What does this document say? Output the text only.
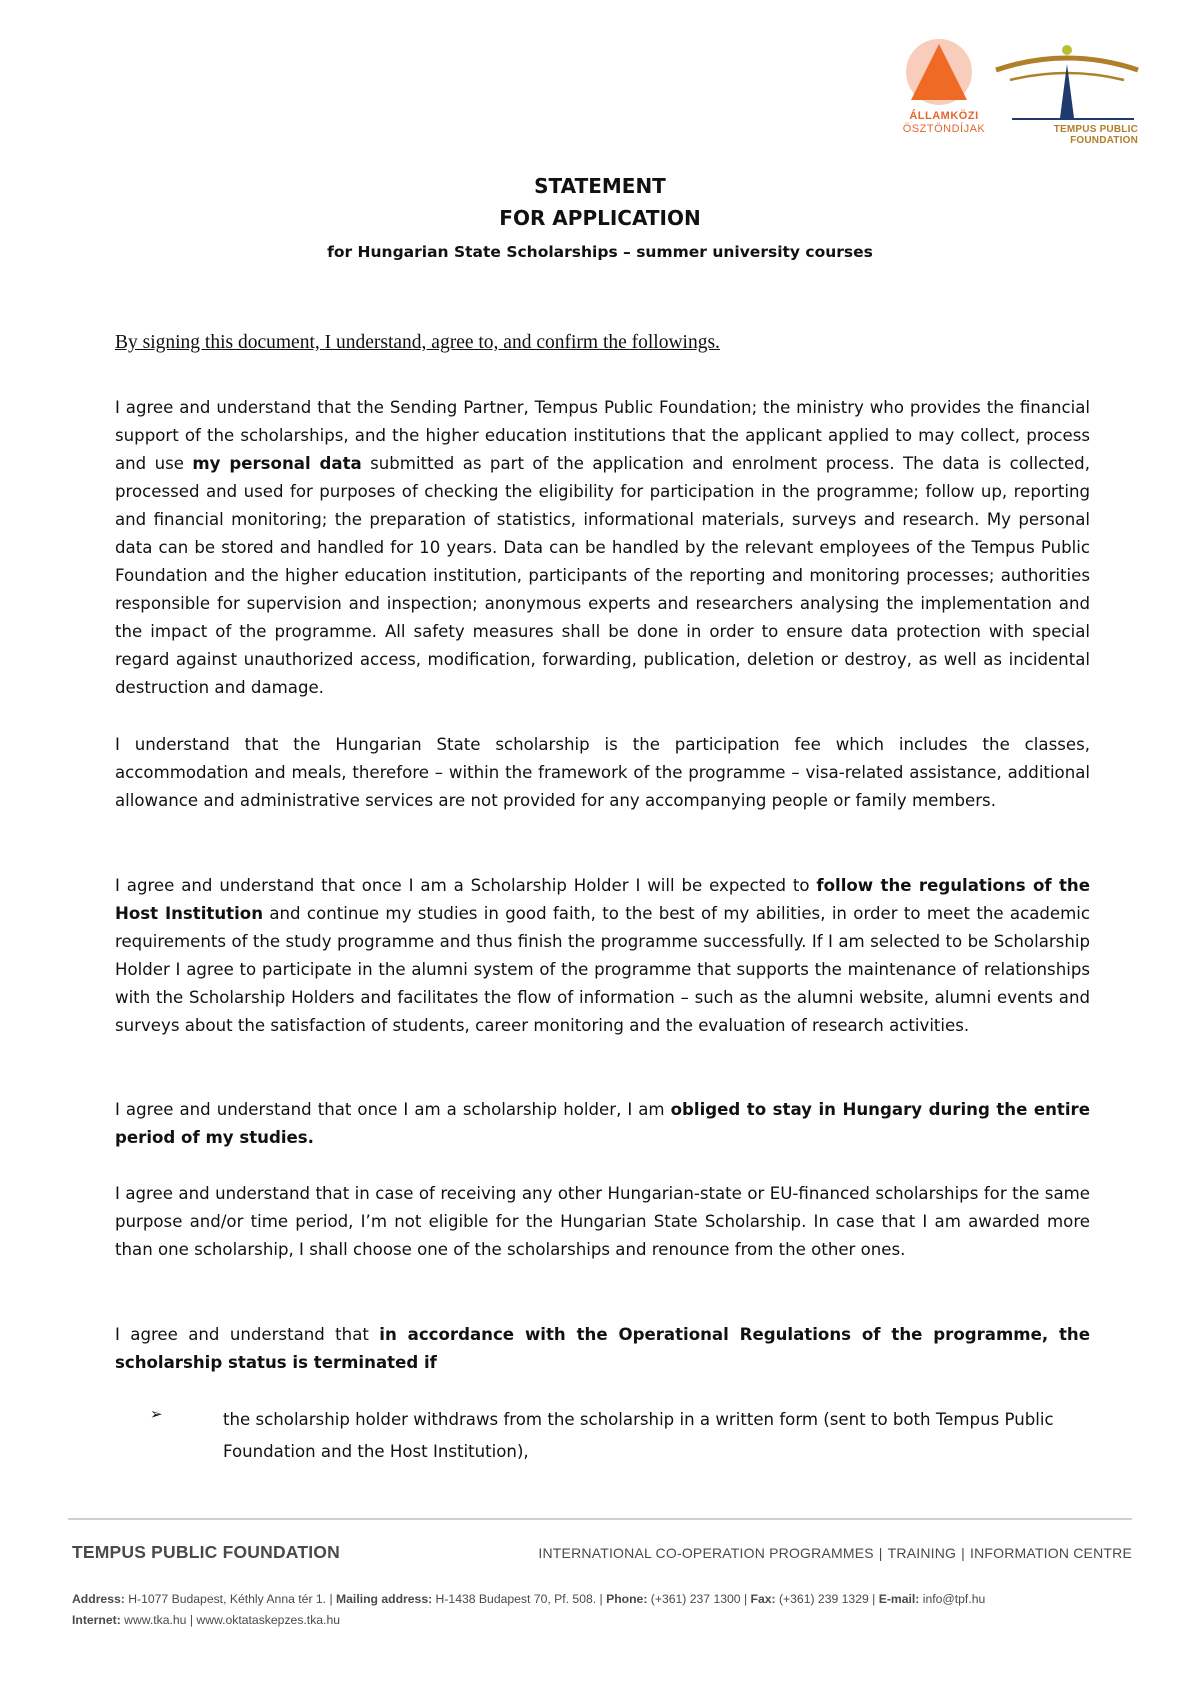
ÁLLAMKÖZI
ÖSZTÖNDÍJAK	TEMPUS PUBLIC FOUNDATION
STATEMENT
FOR APPLICATION
for Hungarian State Scholarships – summer university courses
By signing this document, I understand, agree to, and confirm the followings.

I agree and understand that the Sending Partner, Tempus Public Foundation; the ministry who provides the financial support of the scholarships, and the higher education institutions that the applicant applied to may collect, process and use my personal data submitted as part of the application and enrolment process. The data is collected, processed and used for purposes of checking the eligibility for participation in the programme; follow up, reporting and financial monitoring; the preparation of statistics, informational materials, surveys and research. My personal data can be stored and handled for 10 years. Data can be handled by the relevant employees of the Tempus Public Foundation and the higher education institution, participants of the reporting and monitoring processes; authorities responsible for supervision and inspection; anonymous experts and researchers analysing the implementation and the impact of the programme. All safety measures shall be done in order to ensure data protection with special regard against unauthorized access, modification, forwarding, publication, deletion or destroy, as well as incidental destruction and damage.

I understand that the Hungarian State scholarship is the participation fee which includes the classes, accommodation and meals, therefore – within the framework of the programme – visa-related assistance, additional allowance and administrative services are not provided for any accompanying people or family members.

I agree and understand that once I am a Scholarship Holder I will be expected to follow the regulations of the Host Institution and continue my studies in good faith, to the best of my abilities, in order to meet the academic requirements of the study programme and thus finish the programme successfully. If I am selected to be Scholarship Holder I agree to participate in the alumni system of the programme that supports the maintenance of relationships with the Scholarship Holders and facilitates the flow of information – such as the alumni website, alumni events and surveys about the satisfaction of students, career monitoring and the evaluation of research activities.

I agree and understand that once I am a scholarship holder, I am obliged to stay in Hungary during the entire period of my studies.

I agree and understand that in case of receiving any other Hungarian-state or EU-financed scholarships for the same purpose and/or time period, I’m not eligible for the Hungarian State Scholarship. In case that I am awarded more than one scholarship, I shall choose one of the scholarships and renounce from the other ones.

I agree and understand that in accordance with the Operational Regulations of the programme, the scholarship status is terminated if

➢	the scholarship holder withdraws from the scholarship in a written form (sent to both Tempus Public Foundation and the Host Institution),

TEMPUS PUBLIC FOUNDATION	INTERNATIONAL CO-OPERATION PROGRAMMES | TRAINING | INFORMATION CENTRE
Address: H-1077 Budapest, Kéthly Anna tér 1. | Mailing address: H-1438 Budapest 70, Pf. 508. | Phone: (+361) 237 1300 | Fax: (+361) 239 1329 | E-mail: info@tpf.hu
Internet: www.tka.hu | www.oktataskepzes.tka.hu
